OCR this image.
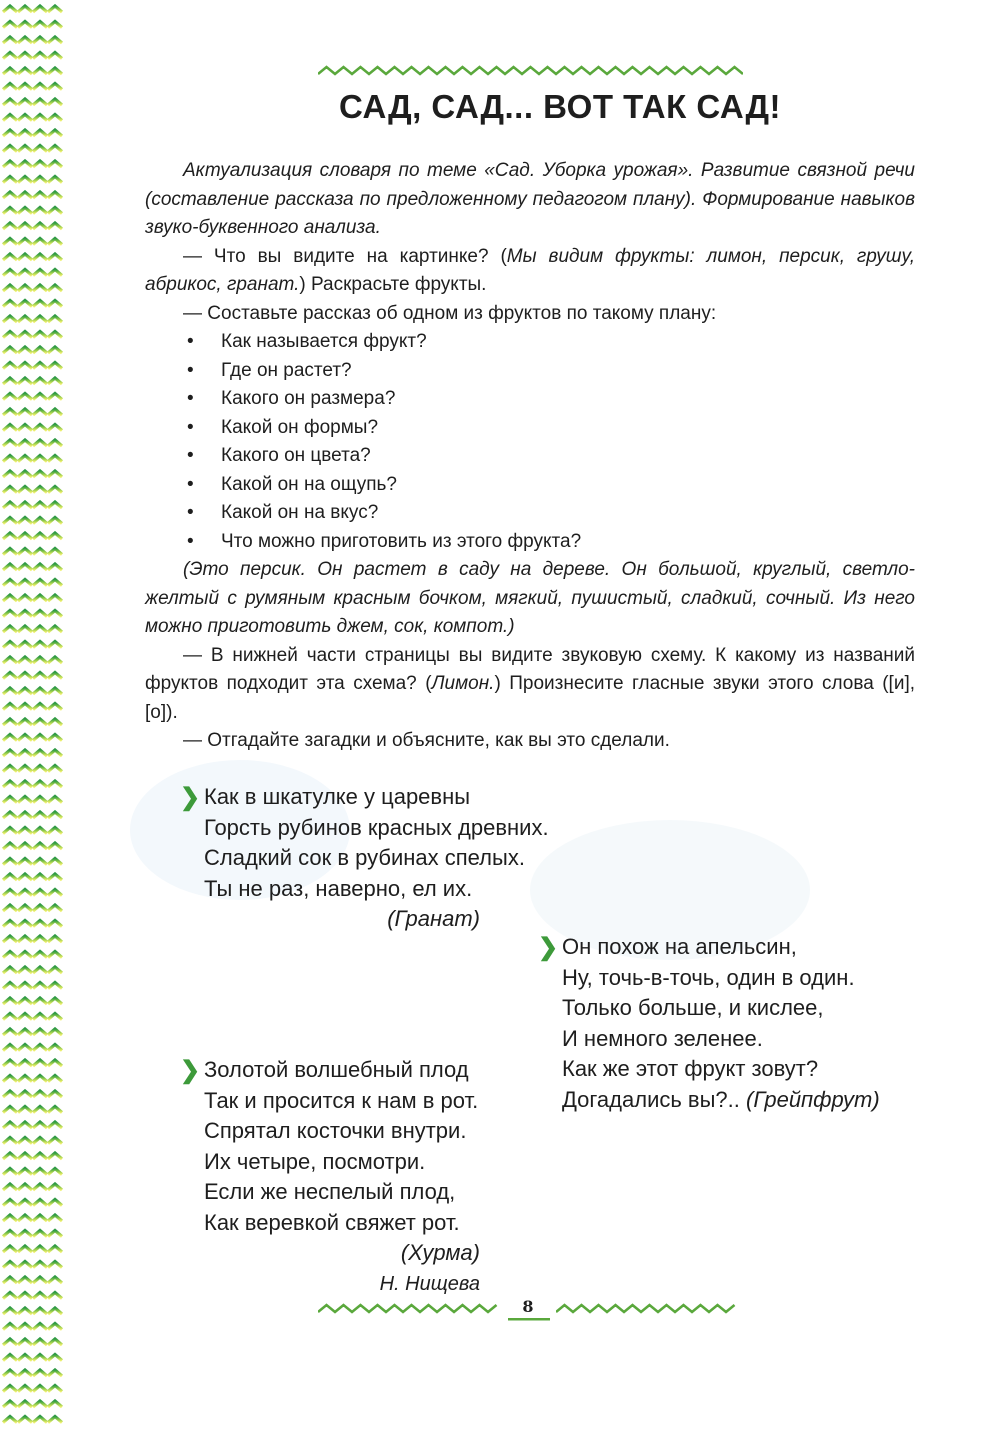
САД, САД... ВОТ ТАК САД!

Актуализация словаря по теме «Сад. Уборка урожая». Развитие связной речи (составление рассказа по предложенному педагогом плану). Формирование навыков звуко-буквенного анализа.

— Что вы видите на картинке? (Мы видим фрукты: лимон, персик, грушу, абрикос, гранат.) Раскрасьте фрукты.

— Составьте рассказ об одном из фруктов по такому плану:

• Как называется фрукт?
• Где он растет?
• Какого он размера?
• Какой он формы?
• Какого он цвета?
• Какой он на ощупь?
• Какой он на вкус?
• Что можно приготовить из этого фрукта?

(Это персик. Он растет в саду на дереве. Он большой, круглый, светло-желтый с румяным красным бочком, мягкий, пушистый, сладкий, сочный. Из него можно приготовить джем, сок, компот.)

— В нижней части страницы вы видите звуковую схему. К какому из названий фруктов подходит эта схема? (Лимон.) Произнесите гласные звуки этого слова ([и], [о]).

— Отгадайте загадки и объясните, как вы это сделали.

❯ Как в шкатулке у царевны
Горсть рубинов красных древних.
Сладкий сок в рубинах спелых.
Ты не раз, наверно, ел их.
(Гранат)
❯ Он похож на апельсин,
Ну, точь-в-точь, один в один.
Только больше, и кислее,
И немного зеленее.
Как же этот фрукт зовут?
Догадались вы?.. (Грейпфрут)
❯ Золотой волшебный плод
Так и просится к нам в рот.
Спрятал косточки внутри.
Их четыре, посмотри.
Если же неспелый плод,
Как веревкой свяжет рот.
(Хурма)
Н. Нищева
8
